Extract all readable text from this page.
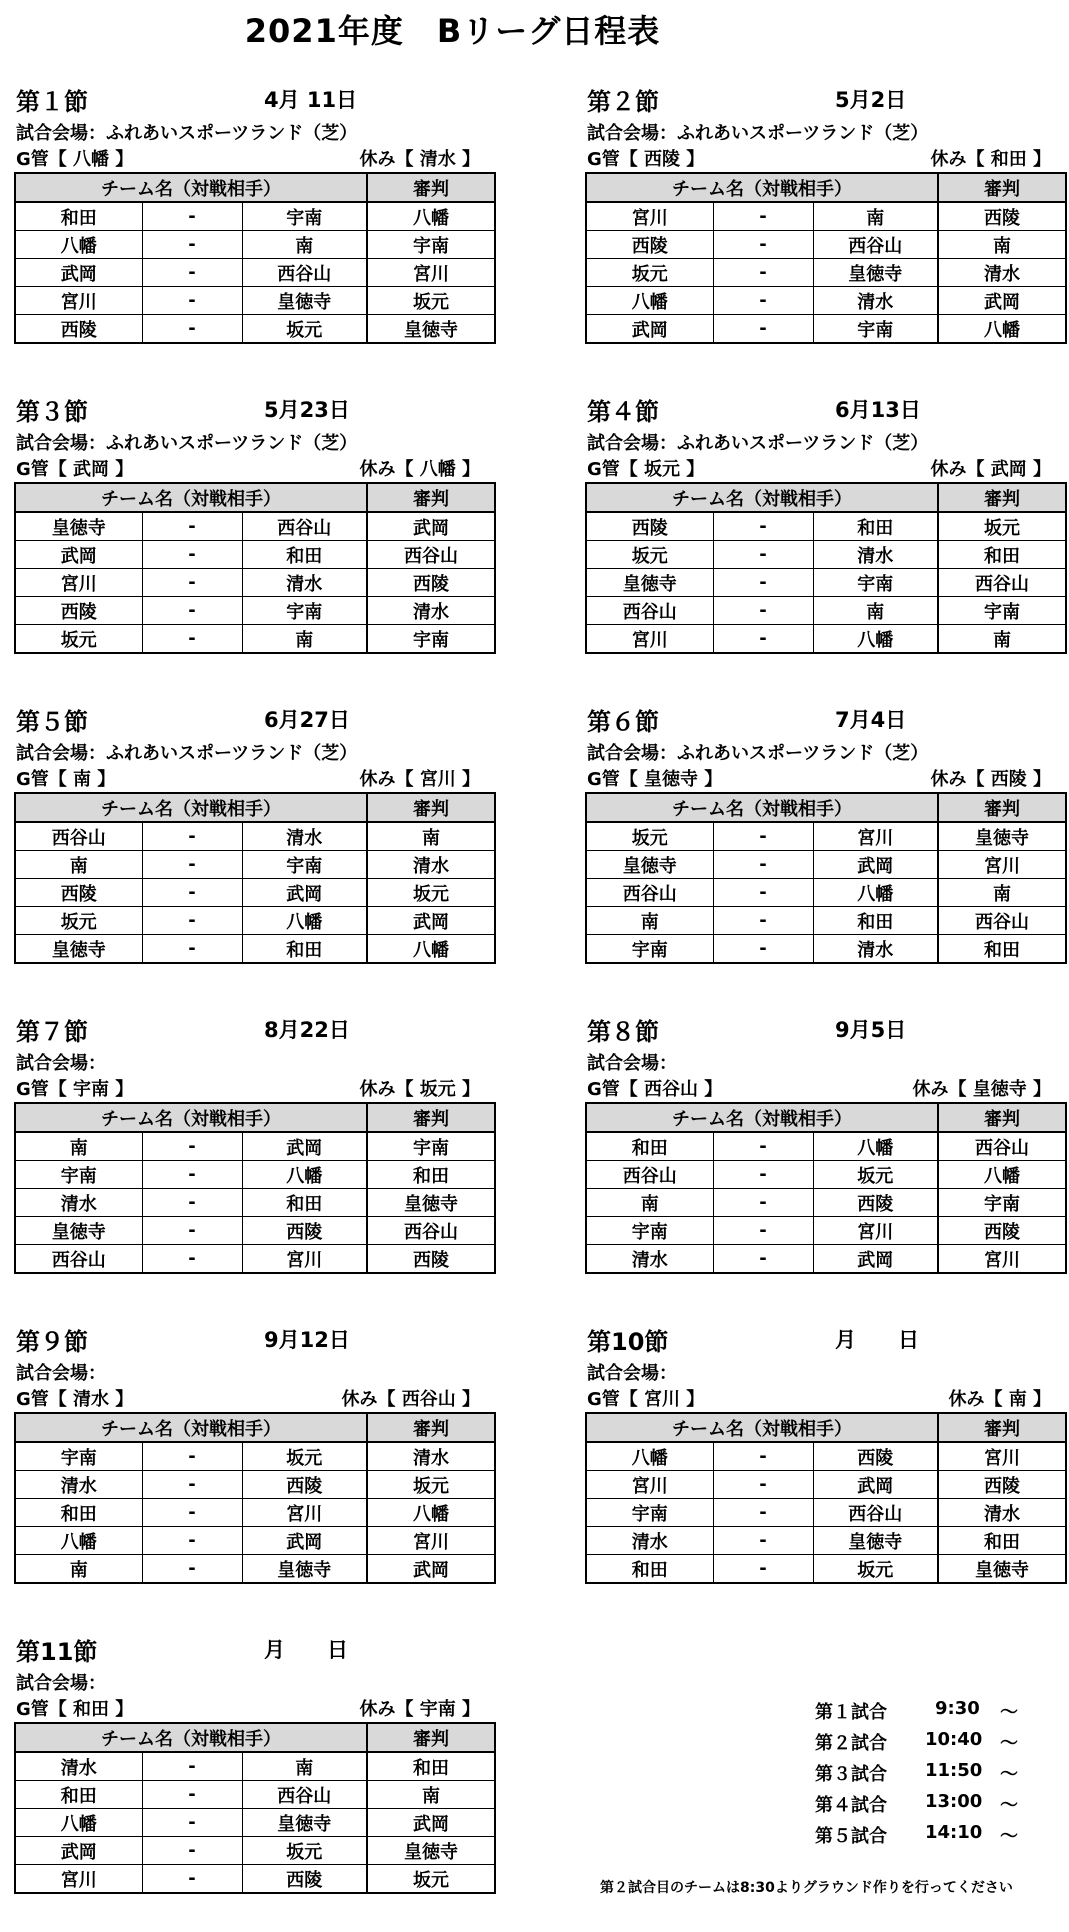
2021年度　Bリーグ日程表
第１節	4月 11日
試合会場：ふれあいスポーツランド（芝）
G管【 八幡 】	休み【 清水 】
チーム名（対戦相手）			審判
和田	-	宇南	八幡
八幡	-	南	宇南
武岡	-	西谷山	宮川
宮川	-	皇徳寺	坂元
西陵	-	坂元	皇徳寺
第２節	5月2日
試合会場：ふれあいスポーツランド（芝）
G管【 西陵 】	休み【 和田 】
チーム名（対戦相手）			審判
宮川	-	南	西陵
西陵	-	西谷山	南
坂元	-	皇徳寺	清水
八幡	-	清水	武岡
武岡	-	宇南	八幡
第３節	5月23日
試合会場：ふれあいスポーツランド（芝）
G管【 武岡 】	休み【 八幡 】
チーム名（対戦相手）			審判
皇徳寺	-	西谷山	武岡
武岡	-	和田	西谷山
宮川	-	清水	西陵
西陵	-	宇南	清水
坂元	-	南	宇南
第４節	6月13日
試合会場：ふれあいスポーツランド（芝）
G管【 坂元 】	休み【 武岡 】
チーム名（対戦相手）			審判
西陵	-	和田	坂元
坂元	-	清水	和田
皇徳寺	-	宇南	西谷山
西谷山	-	南	宇南
宮川	-	八幡	南
第５節	6月27日
試合会場：ふれあいスポーツランド（芝）
G管【 南 】	休み【 宮川 】
チーム名（対戦相手）			審判
西谷山	-	清水	南
南	-	宇南	清水
西陵	-	武岡	坂元
坂元	-	八幡	武岡
皇徳寺	-	和田	八幡
第６節	7月4日
試合会場：ふれあいスポーツランド（芝）
G管【 皇徳寺 】	休み【 西陵 】
チーム名（対戦相手）			審判
坂元	-	宮川	皇徳寺
皇徳寺	-	武岡	宮川
西谷山	-	八幡	南
南	-	和田	西谷山
宇南	-	清水	和田
第７節	8月22日
試合会場：
G管【 宇南 】	休み【 坂元 】
チーム名（対戦相手）			審判
南	-	武岡	宇南
宇南	-	八幡	和田
清水	-	和田	皇徳寺
皇徳寺	-	西陵	西谷山
西谷山	-	宮川	西陵
第８節	9月5日
試合会場：
G管【 西谷山 】	休み【 皇徳寺 】
チーム名（対戦相手）			審判
和田	-	八幡	西谷山
西谷山	-	坂元	八幡
南	-	西陵	宇南
宇南	-	宮川	西陵
清水	-	武岡	宮川
第９節	9月12日
試合会場：
G管【 清水 】	休み【 西谷山 】
チーム名（対戦相手）			審判
宇南	-	坂元	清水
清水	-	西陵	坂元
和田	-	宮川	八幡
八幡	-	武岡	宮川
南	-	皇徳寺	武岡
第10節	月　　日
試合会場：
G管【 宮川 】	休み【 南 】
チーム名（対戦相手）			審判
八幡	-	西陵	宮川
宮川	-	武岡	西陵
宇南	-	西谷山	清水
清水	-	皇徳寺	和田
和田	-	坂元	皇徳寺
第11節	月　　日
試合会場：
G管【 和田 】	休み【 宇南 】
チーム名（対戦相手）			審判
清水	-	南	和田
和田	-	西谷山	南
八幡	-	皇徳寺	武岡
武岡	-	坂元	皇徳寺
宮川	-	西陵	坂元
第１試合	9:30 ～
第２試合 10:40 ～
第３試合 11:50 ～
第４試合 13:00 ～
第５試合 14:10 ～
第２試合目のチームは8:30よりグラウンド作りを行ってください
